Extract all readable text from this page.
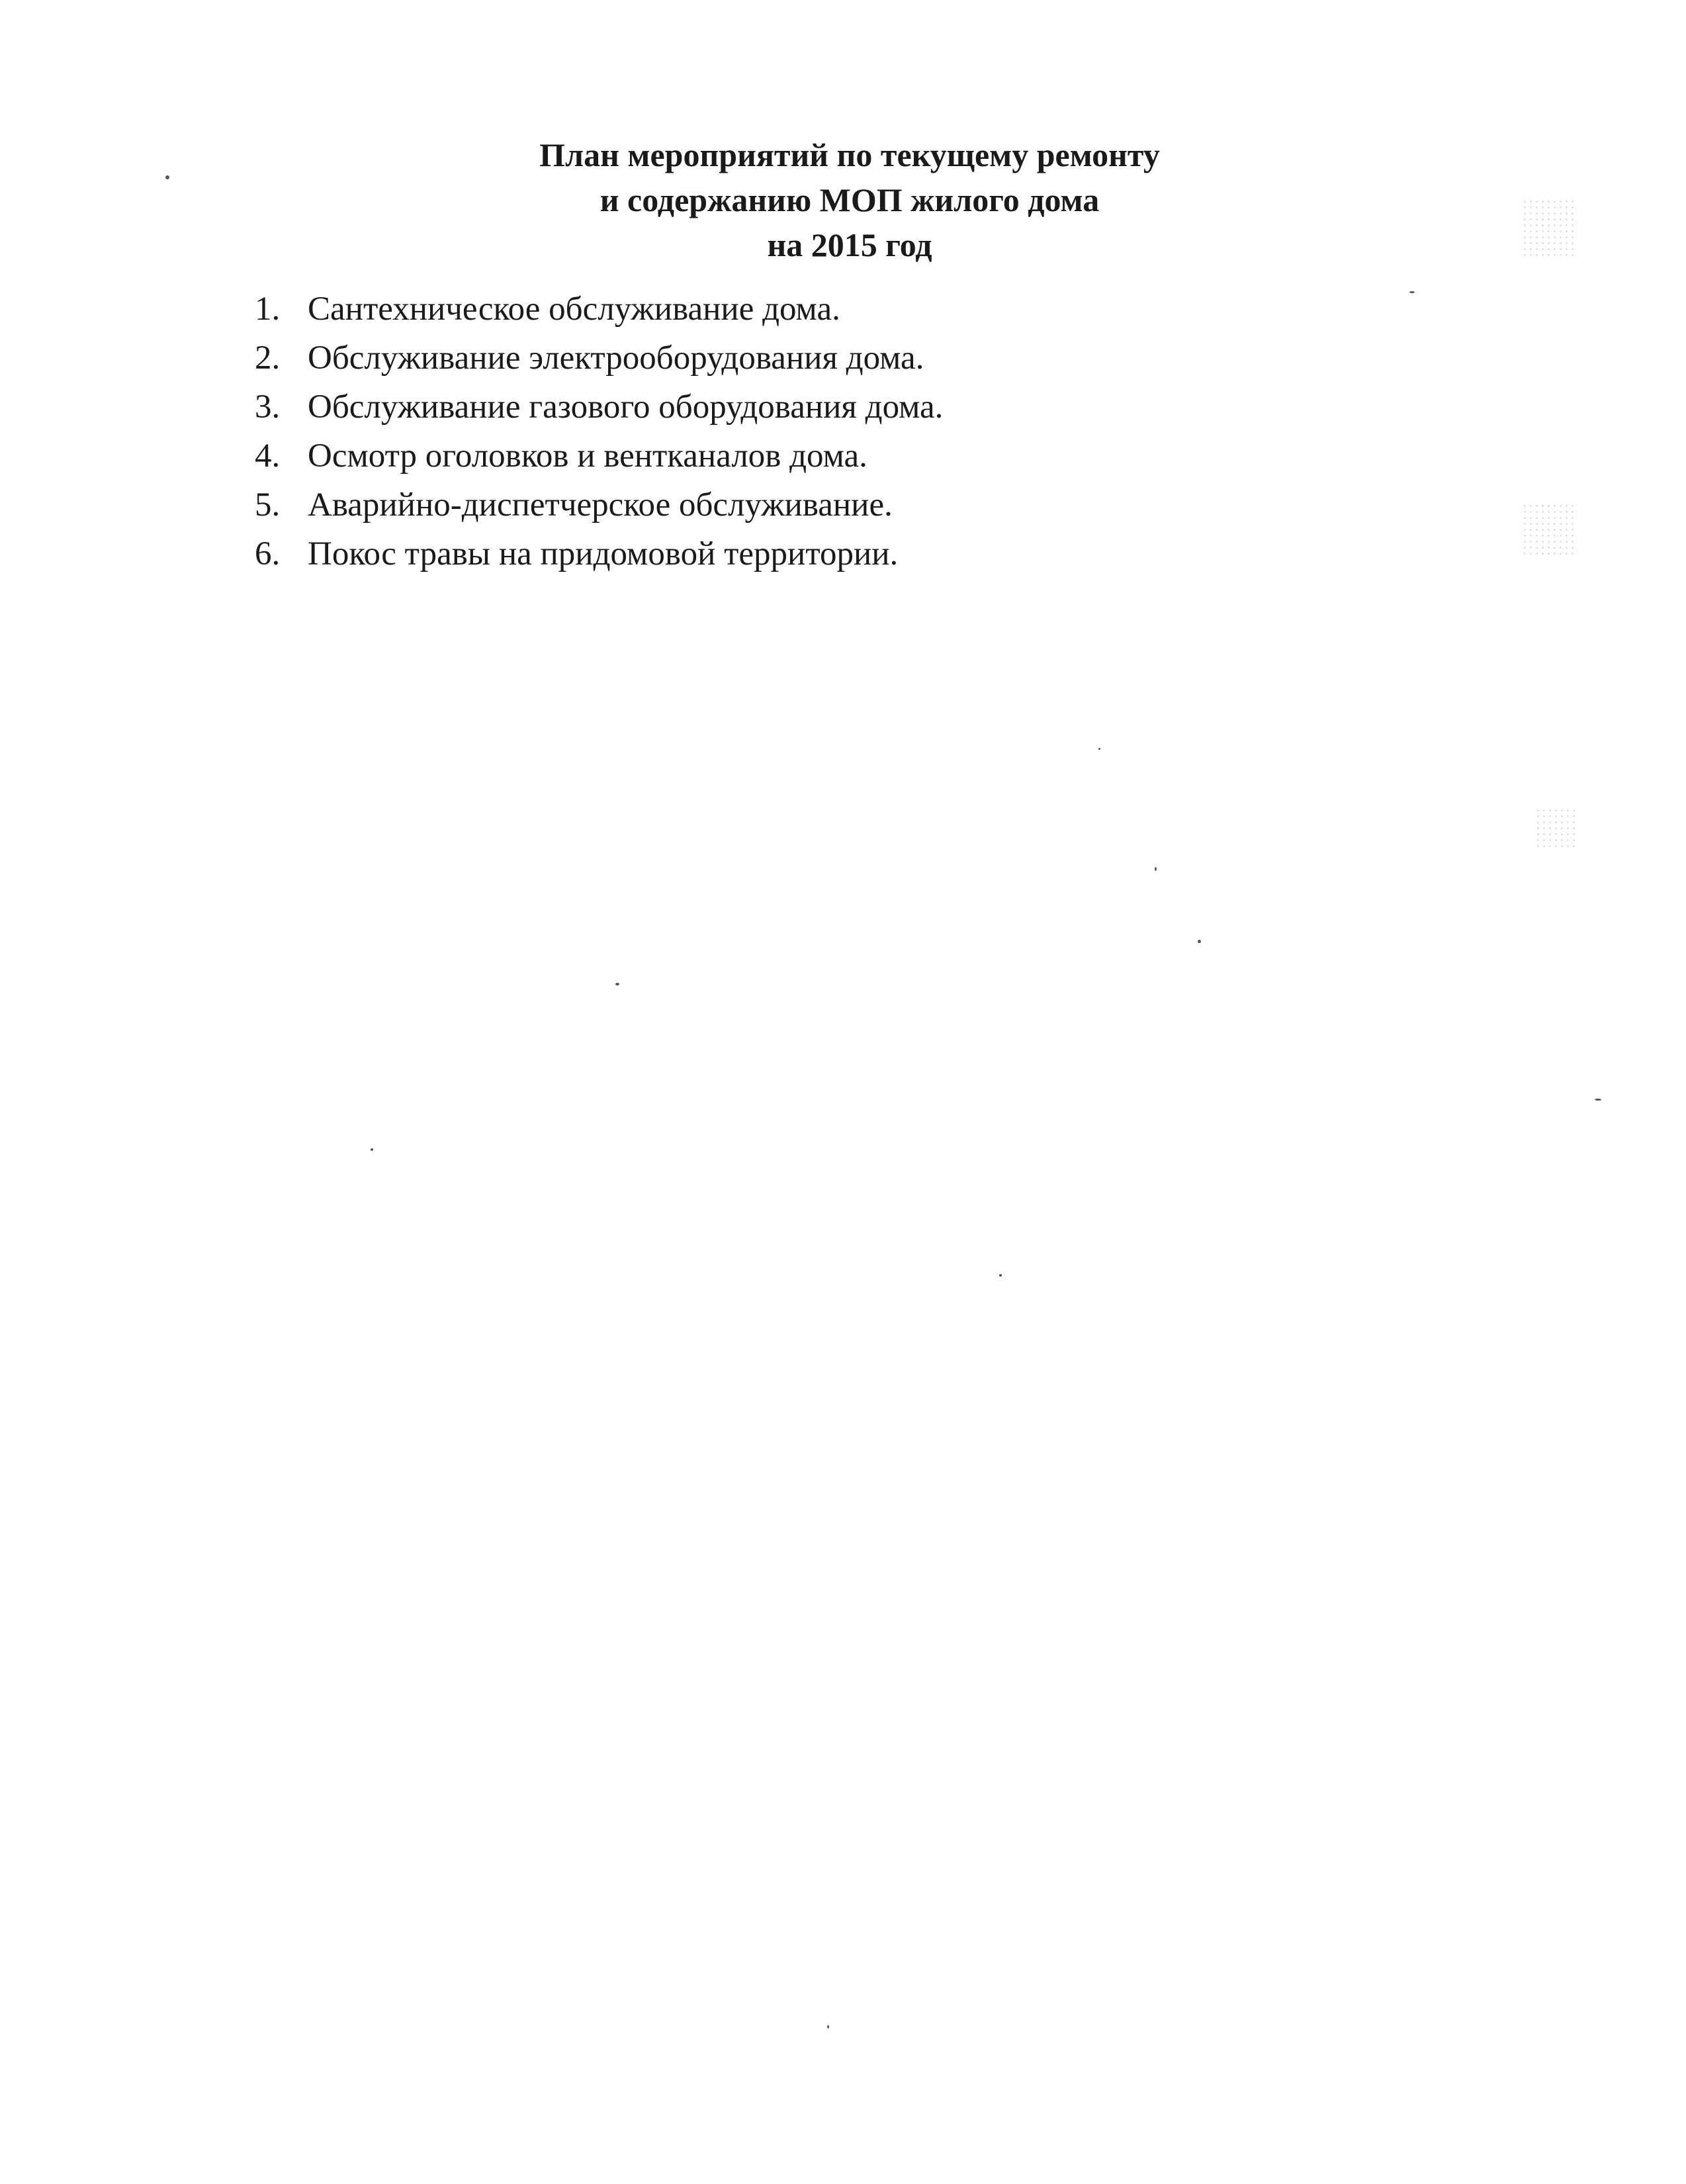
План мероприятий по текущему ремонту
и содержанию МОП жилого дома
на 2015 год
1. Сантехническое обслуживание дома.
2. Обслуживание электрооборудования дома.
3. Обслуживание газового оборудования дома.
4. Осмотр оголовков и вентканалов дома.
5. Аварийно-диспетчерское обслуживание.
6. Покос травы на придомовой территории.
